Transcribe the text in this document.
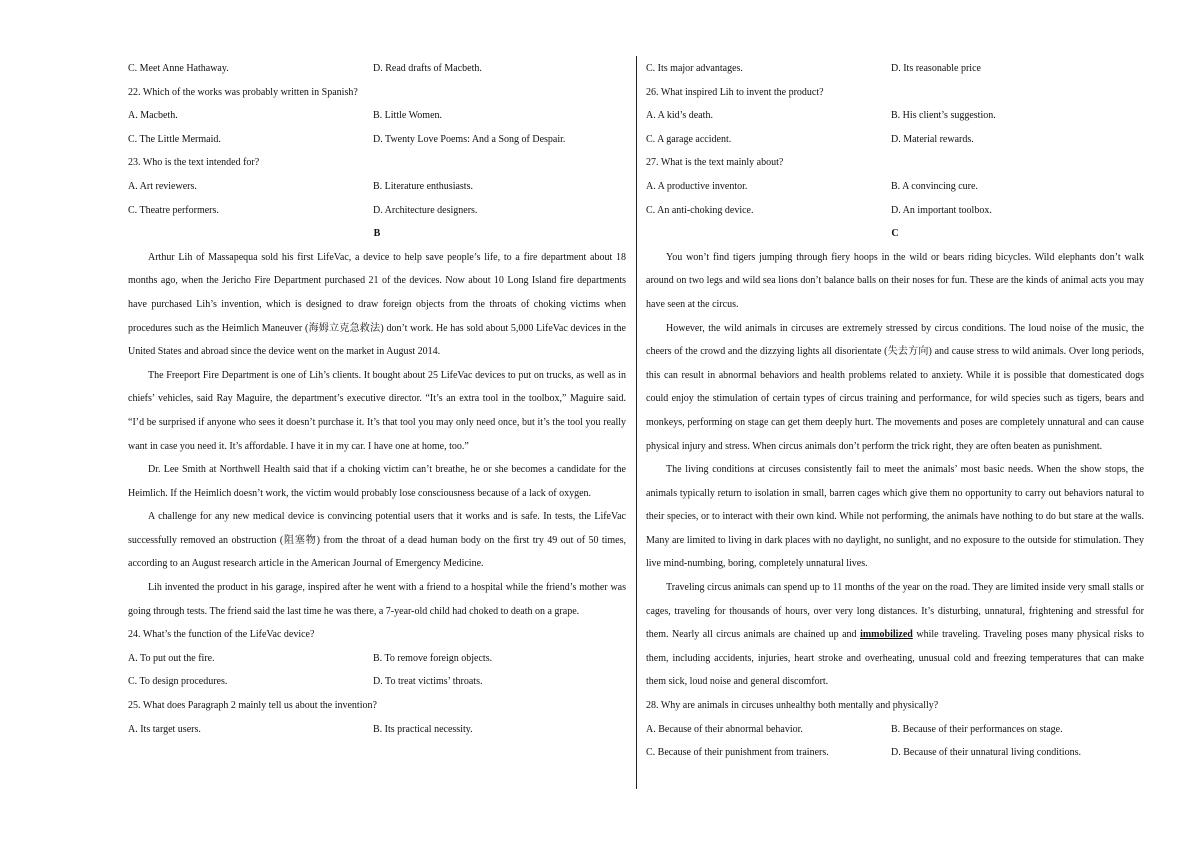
C. Meet Anne Hathaway.	D. Read drafts of Macbeth.
22. Which of the works was probably written in Spanish?
A. Macbeth.	B. Little Women.
C. The Little Mermaid.	D. Twenty Love Poems: And a Song of Despair.
23. Who is the text intended for?
A. Art reviewers.	B. Literature enthusiasts.
C. Theatre performers.	D. Architecture designers.
B

Arthur Lih of Massapequa sold his first LifeVac, a device to help save people’s life, to a fire department about 18 months ago, when the Jericho Fire Department purchased 21 of the devices. Now about 10 Long Island fire departments have purchased Lih’s invention, which is designed to draw foreign objects from the throats of choking victims when procedures such as the Heimlich Maneuver (海姆立克急救法) don’t work. He has sold about 5,000 LifeVac devices in the United States and abroad since the device went on the market in August 2014.

The Freeport Fire Department is one of Lih’s clients. It bought about 25 LifeVac devices to put on trucks, as well as in chiefs’ vehicles, said Ray Maguire, the department’s executive director. “It’s an extra tool in the toolbox,” Maguire said. “I’d be surprised if anyone who sees it doesn’t purchase it. It’s that tool you may only need once, but it’s the tool you really want in case you need it. It’s affordable. I have it in my car. I have one at home, too.”

Dr. Lee Smith at Northwell Health said that if a choking victim can’t breathe, he or she becomes a candidate for the Heimlich. If the Heimlich doesn’t work, the victim would probably lose consciousness because of a lack of oxygen.

A challenge for any new medical device is convincing potential users that it works and is safe. In tests, the LifeVac successfully removed an obstruction (阻塞物) from the throat of a dead human body on the first try 49 out of 50 times, according to an August research article in the American Journal of Emergency Medicine.

Lih invented the product in his garage, inspired after he went with a friend to a hospital while the friend’s mother was going through tests. The friend said the last time he was there, a 7-year-old child had choked to death on a grape.

24. What’s the function of the LifeVac device?
A. To put out the fire.	B. To remove foreign objects.
C. To design procedures.	D. To treat victims’ throats.
25. What does Paragraph 2 mainly tell us about the invention?
A. Its target users.	B. Its practical necessity.
C. Its major advantages.	D. Its reasonable price
26. What inspired Lih to invent the product?
A. A kid’s death.	B. His client’s suggestion.
C. A garage accident.	D. Material rewards.
27. What is the text mainly about?
A. A productive inventor.	B. A convincing cure.
C. An anti-choking device.	D. An important toolbox.
C

You won’t find tigers jumping through fiery hoops in the wild or bears riding bicycles. Wild elephants don’t walk around on two legs and wild sea lions don’t balance balls on their noses for fun. These are the kinds of animal acts you may have seen at the circus.

However, the wild animals in circuses are extremely stressed by circus conditions. The loud noise of the music, the cheers of the crowd and the dizzying lights all disorientate (失去方向) and cause stress to wild animals. Over long periods, this can result in abnormal behaviors and health problems related to anxiety. While it is possible that domesticated dogs could enjoy the stimulation of certain types of circus training and performance, for wild species such as tigers, bears and monkeys, performing on stage can get them deeply hurt. The movements and poses are completely unnatural and can cause physical injury and stress. When circus animals don’t perform the trick right, they are often beaten as punishment.

The living conditions at circuses consistently fail to meet the animals’ most basic needs. When the show stops, the animals typically return to isolation in small, barren cages which give them no opportunity to carry out behaviors natural to their species, or to interact with their own kind. While not performing, the animals have nothing to do but stare at the walls. Many are limited to living in dark places with no daylight, no sunlight, and no exposure to the outside for stimulation. They live mind-numbing, boring, completely unnatural lives.

Traveling circus animals can spend up to 11 months of the year on the road. They are limited inside very small stalls or cages, traveling for thousands of hours, over very long distances. It’s disturbing, unnatural, frightening and stressful for them. Nearly all circus animals are chained up and immobilized while traveling. Traveling poses many physical risks to them, including accidents, injuries, heart stroke and overheating, unusual cold and freezing temperatures that can make them sick, loud noise and general discomfort.

28. Why are animals in circuses unhealthy both mentally and physically?
A. Because of their abnormal behavior.	B. Because of their performances on stage.
C. Because of their punishment from trainers.	D. Because of their unnatural living conditions.
